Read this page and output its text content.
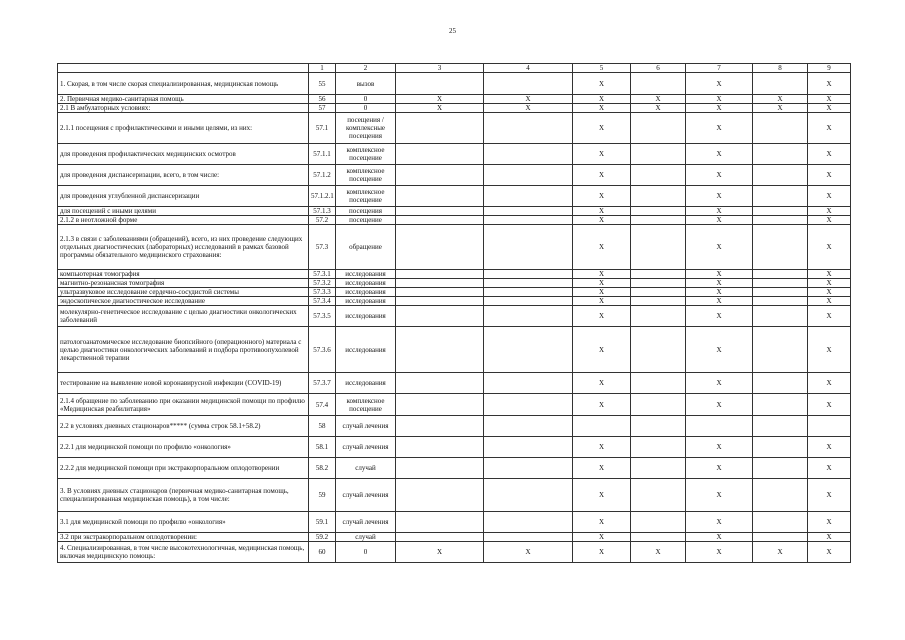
25
	1	2	3	4	5	6	7	8	9
1. Скорая, в том числе скорая специализированная, медицинская помощь	55	вызов			X		X		X
2. Первичная медико-санитарная помощь	56	0	X	X	X	X	X	X	X
2.1 В амбулаторных условиях:	57	0	X	X	X	X	X	X	X
2.1.1 посещения с профилактическими и иными целями, из них:	57.1	посещения / комплексные посещения			X		X		X
для проведения профилактических медицинских осмотров	57.1.1	комплексное посещение			X		X		X
для проведения диспансеризации, всего, в том числе:	57.1.2	комплексное посещение			X		X		X
для проведения углубленной диспансеризации	57.1.2.1	комплексное посещение			X		X		X
для посещений с иными целями	57.1.3	посещения			X		X		X
2.1.2 в неотложной форме	57.2	посещение			X		X		X
2.1.3 в связи с заболеваниями (обращений), всего, из них проведение следующих отдельных диагностических (лабораторных) исследований в рамках базовой программы обязательного медицинского страхования:	57.3	обращение			X		X		X
компьютерная томография	57.3.1	исследования			X		X		X
магнитно-резонансная томография	57.3.2	исследования			X		X		X
ультразвуковое исследование сердечно-сосудистой системы	57.3.3	исследования			X		X		X
эндоскопическое диагностическое исследование	57.3.4	исследования			X		X		X
молекулярно-генетическое исследование с целью диагностики онкологических заболеваний	57.3.5	исследования			X		X		X
патологоанатомическое исследование биопсийного (операционного) материала с целью диагностики онкологических заболеваний и подбора противоопухолевой лекарственной терапии	57.3.6	исследования			X		X		X
тестирование на выявление новой коронавирусной инфекции (COVID-19)	57.3.7	исследования			X		X		X
2.1.4 обращение по заболеванию при оказании медицинской помощи по профилю «Медицинская реабилитация»	57.4	комплексное посещение			X		X		X
2.2 в условиях дневных стационаров***** (сумма строк 58.1+58.2)	58	случай лечения							
2.2.1 для медицинской помощи по профилю «онкология»	58.1	случай лечения			X		X		X
2.2.2 для медицинской помощи при экстракорпоральном оплодотворении	58.2	случай			X		X		X
3. В условиях дневных стационаров (первичная медико-санитарная помощь, специализированная медицинская помощь), в том числе:	59	случай лечения			X		X		X
3.1 для медицинской помощи по профилю «онкология»	59.1	случай лечения			X		X		X
3.2 при экстракорпоральном оплодотворении:	59.2	случай			X		X		X
4. Специализированная, в том числе высокотехнологичная, медицинская помощь, включая медицинскую помощь:	60	0	X	X	X	X	X	X	X
